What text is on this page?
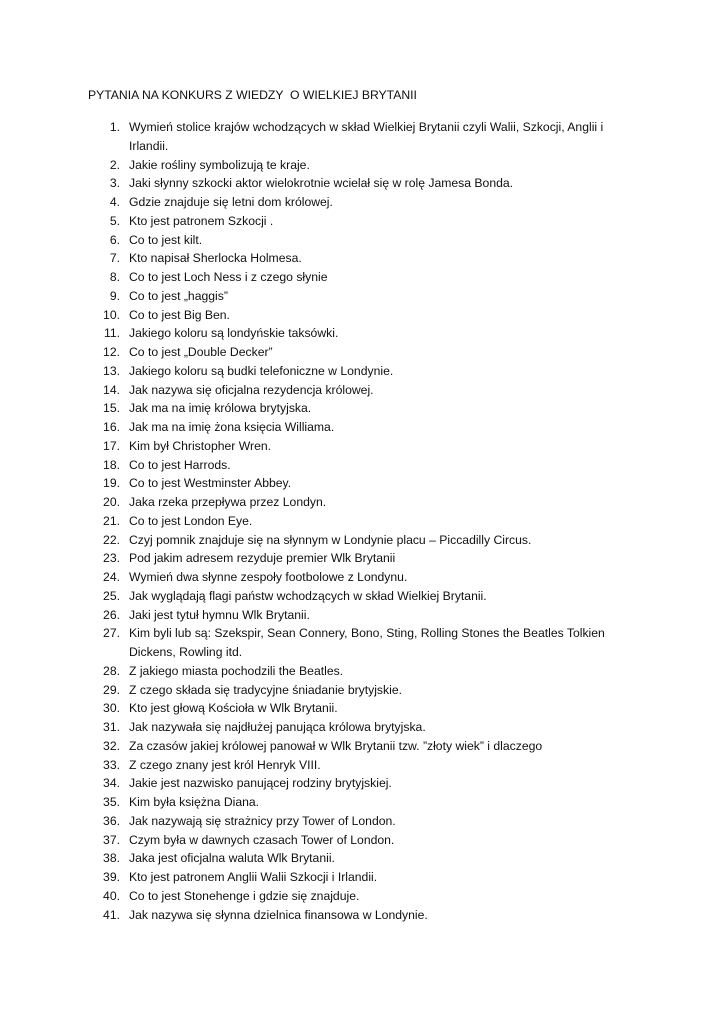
PYTANIA NA KONKURS Z WIEDZY  O WIELKIEJ BRYTANII
1. Wymień stolice krajów wchodzących w skład Wielkiej Brytanii czyli Walii, Szkocji, Anglii i Irlandii.
2. Jakie rośliny symbolizują te kraje.
3. Jaki słynny szkocki aktor wielokrotnie wcielał się w rolę Jamesa Bonda.
4. Gdzie znajduje się letni dom królowej.
5. Kto jest patronem Szkocji .
6. Co to jest kilt.
7. Kto napisał Sherlocka Holmesa.
8. Co to jest Loch Ness i z czego słynie
9. Co to jest „haggis”
10. Co to jest Big Ben.
11. Jakiego koloru są londyńskie taksówki.
12. Co to jest „Double Decker”
13. Jakiego koloru są budki telefoniczne w Londynie.
14. Jak nazywa się oficjalna rezydencja królowej.
15. Jak ma na imię królowa brytyjska.
16. Jak ma na imię żona księcia Williama.
17. Kim był Christopher Wren.
18. Co to jest Harrods.
19. Co to jest Westminster Abbey.
20. Jaka rzeka przepływa przez Londyn.
21. Co to jest London Eye.
22. Czyj pomnik znajduje się na słynnym w Londynie placu – Piccadilly Circus.
23. Pod jakim adresem rezyduje premier Wlk Brytanii
24. Wymień dwa słynne zespoły footbolowe z Londynu.
25. Jak wyglądają flagi państw wchodzących w skład Wielkiej Brytanii.
26. Jaki jest tytuł hymnu Wlk Brytanii.
27. Kim byli lub są: Szekspir, Sean Connery, Bono, Sting, Rolling Stones the Beatles Tolkien Dickens, Rowling itd.
28. Z jakiego miasta pochodzili the Beatles.
29. Z czego składa się tradycyjne śniadanie brytyjskie.
30. Kto jest głową Kościoła w Wlk Brytanii.
31. Jak nazywała się najdłużej panująca królowa brytyjska.
32. Za czasów jakiej królowej panował w Wlk Brytanii tzw. ”złoty wiek” i dlaczego
33. Z czego znany jest król Henryk VIII.
34. Jakie jest nazwisko panującej rodziny brytyjskiej.
35. Kim była księżna Diana.
36. Jak nazywają się strażnicy przy Tower of London.
37. Czym była w dawnych czasach Tower of London.
38. Jaka jest oficjalna waluta Wlk Brytanii.
39. Kto jest patronem Anglii Walii Szkocji i Irlandii.
40. Co to jest Stonehenge i gdzie się znajduje.
41. Jak nazywa się słynna dzielnica finansowa w Londynie.
